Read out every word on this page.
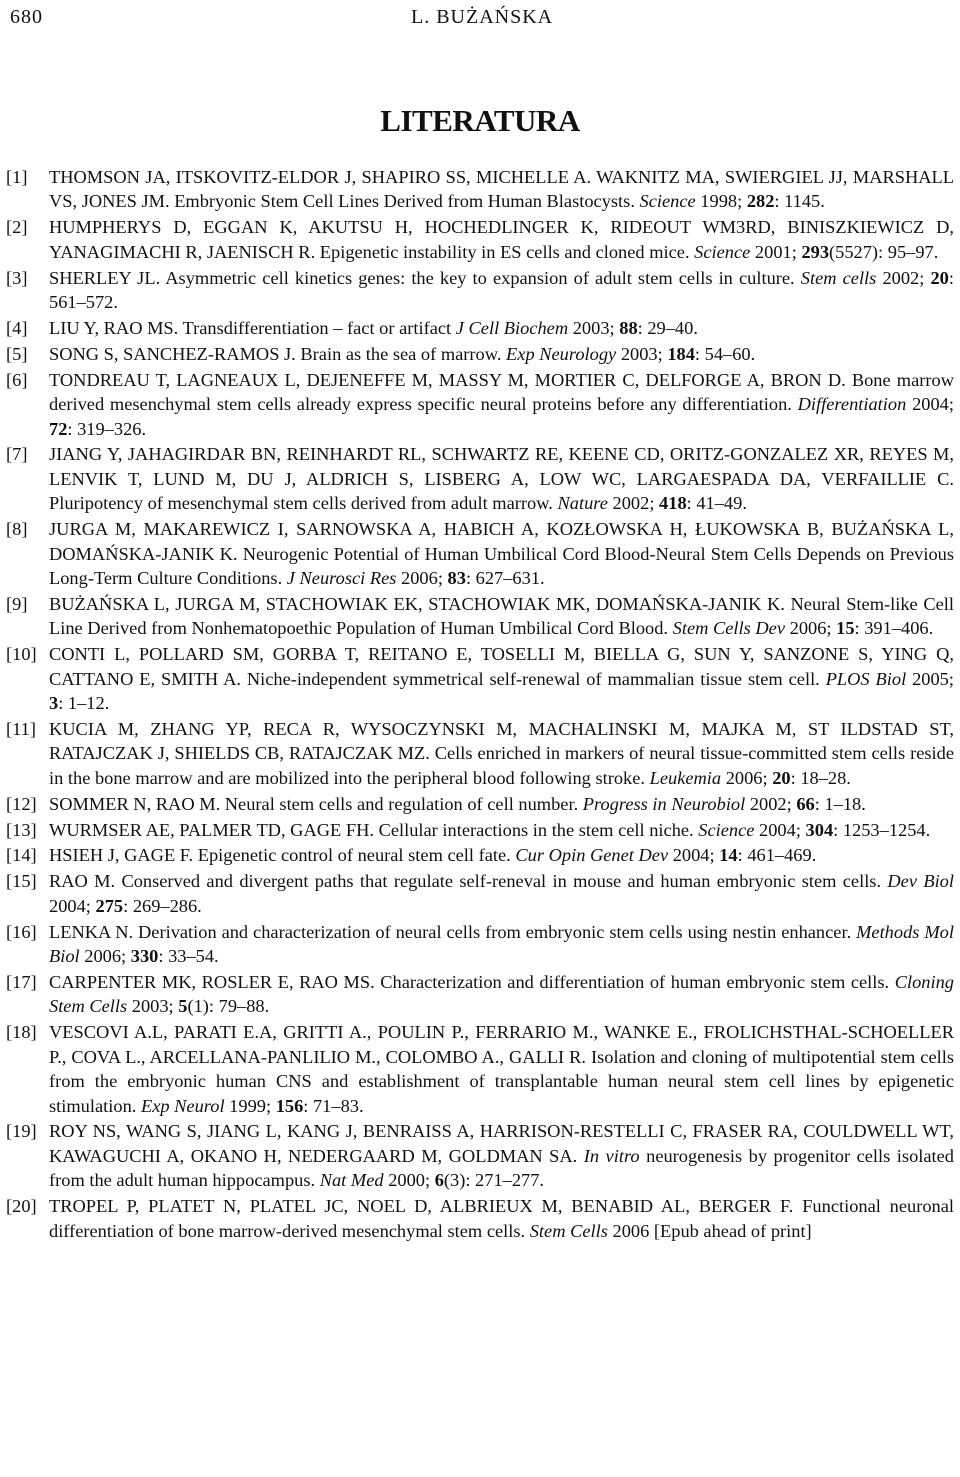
680	L. BUŻAŃSKA
LITERATURA
[1] THOMSON JA, ITSKOVITZ-ELDOR J, SHAPIRO SS, MICHELLE A. WAKNITZ MA, SWIERGIEL JJ, MARSHALL VS, JONES JM. Embryonic Stem Cell Lines Derived from Human Blastocysts. Science 1998; 282: 1145.
[2] HUMPHERYS D, EGGAN K, AKUTSU H, HOCHEDLINGER K, RIDEOUT WM3RD, BINISZKIEWICZ D, YANAGIMACHI R, JAENISCH R. Epigenetic instability in ES cells and cloned mice. Science 2001; 293(5527): 95–97.
[3] SHERLEY JL. Asymmetric cell kinetics genes: the key to expansion of adult stem cells in culture. Stem cells 2002; 20: 561–572.
[4] LIU Y, RAO MS. Transdifferentiation – fact or artifact J Cell Biochem 2003; 88: 29–40.
[5] SONG S, SANCHEZ-RAMOS J. Brain as the sea of marrow. Exp Neurology 2003; 184: 54–60.
[6] TONDREAU T, LAGNEAUX L, DEJENEFFE M, MASSY M, MORTIER C, DELFORGE A, BRON D. Bone marrow derived mesenchymal stem cells already express specific neural proteins before any differentiation. Differentiation 2004; 72: 319–326.
[7] JIANG Y, JAHAGIRDAR BN, REINHARDT RL, SCHWARTZ RE, KEENE CD, ORITZ-GONZALEZ XR, REYES M, LENVIK T, LUND M, DU J, ALDRICH S, LISBERG A, LOW WC, LARGAESPADA DA, VERFAILLIE C. Pluripotency of mesenchymal stem cells derived from adult marrow. Nature 2002; 418: 41–49.
[8] JURGA M, MAKAREWICZ I, SARNOWSKA A, HABICH A, KOZŁOWSKA H, ŁUKOWSKA B, BUŻAŃSKA L, DOMAŃSKA-JANIK K. Neurogenic Potential of Human Umbilical Cord Blood-Neural Stem Cells Depends on Previous Long-Term Culture Conditions. J Neurosci Res 2006; 83: 627–631.
[9] BUŻAŃSKA L, JURGA M, STACHOWIAK EK, STACHOWIAK MK, DOMAŃSKA-JANIK K. Neural Stem-like Cell Line Derived from Nonhematopoethic Population of Human Umbilical Cord Blood. Stem Cells Dev 2006; 15: 391–406.
[10] CONTI L, POLLARD SM, GORBA T, REITANO E, TOSELLI M, BIELLA G, SUN Y, SANZONE S, YING Q, CATTANO E, SMITH A. Niche-independent symmetrical self-renewal of mammalian tissue stem cell. PLOS Biol 2005; 3: 1–12.
[11] KUCIA M, ZHANG YP, RECA R, WYSOCZYNSKI M, MACHALINSKI M, MAJKA M, ST ILDSTAD ST, RATAJCZAK J, SHIELDS CB, RATAJCZAK MZ. Cells enriched in markers of neural tissue-committed stem cells reside in the bone marrow and are mobilized into the peripheral blood following stroke. Leukemia 2006; 20: 18–28.
[12] SOMMER N, RAO M. Neural stem cells and regulation of cell number. Progress in Neurobiol 2002; 66: 1–18.
[13] WURMSER AE, PALMER TD, GAGE FH. Cellular interactions in the stem cell niche. Science 2004; 304: 1253–1254.
[14] HSIEH J, GAGE F. Epigenetic control of neural stem cell fate. Cur Opin Genet Dev 2004; 14: 461–469.
[15] RAO M. Conserved and divergent paths that regulate self-reneval in mouse and human embryonic stem cells. Dev Biol 2004; 275: 269–286.
[16] LENKA N. Derivation and characterization of neural cells from embryonic stem cells using nestin enhancer. Methods Mol Biol 2006; 330: 33–54.
[17] CARPENTER MK, ROSLER E, RAO MS. Characterization and differentiation of human embryonic stem cells. Cloning Stem Cells 2003; 5(1): 79–88.
[18] VESCOVI A.L, PARATI E.A, GRITTI A., POULIN P., FERRARIO M., WANKE E., FROLICHSTHAL-SCHOELLER P., COVA L., ARCELLANA-PANLILIO M., COLOMBO A., GALLI R. Isolation and cloning of multipotential stem cells from the embryonic human CNS and establishment of transplantable human neural stem cell lines by epigenetic stimulation. Exp Neurol 1999; 156: 71–83.
[19] ROY NS, WANG S, JIANG L, KANG J, BENRAISS A, HARRISON-RESTELLI C, FRASER RA, COULDWELL WT, KAWAGUCHI A, OKANO H, NEDERGAARD M, GOLDMAN SA. In vitro neurogenesis by progenitor cells isolated from the adult human hippocampus. Nat Med 2000; 6(3): 271–277.
[20] TROPEL P, PLATET N, PLATEL JC, NOEL D, ALBRIEUX M, BENABID AL, BERGER F. Functional neuronal differentiation of bone marrow-derived mesenchymal stem cells. Stem Cells 2006 [Epub ahead of print]
